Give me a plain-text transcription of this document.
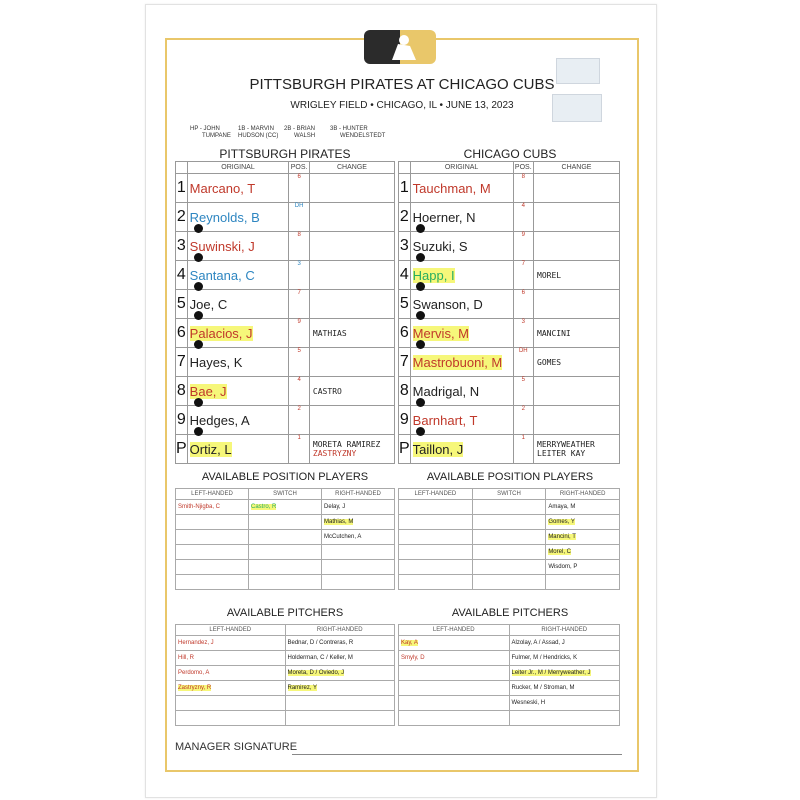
PITTSBURGH PIRATES AT CHICAGO CUBS
WRIGLEY FIELD • CHICAGO, IL • JUNE 13, 2023
HP - JOHN
TUMPANE
1B - MARVIN
HUDSON (CC)
2B - BRIAN
WALSH
3B - HUNTER
WENDELSTEDT
PITTSBURGH PIRATES	CHICAGO CUBS
	ORIGINAL	POS.	CHANGE
1	Marcano, T	6	

2	Reynolds, B	DH	

3	Suwinski, J	8	

4	Santana, C	3	

5	Joe, C	7	

6	Palacios, J	9	MATHIAS

7	Hayes, K	5	

8	Bae, J	4	CASTRO

9	Hedges, A	2	

P	Ortiz, L	1	MORETA RAMIREZ
ZASTRYZNY
	ORIGINAL	POS.	CHANGE
1	Tauchman, M	8	

2	Hoerner, N	4	

3	Suzuki, S	9	

4	Happ, I	7	MOREL

5	Swanson, D	6	

6	Mervis, M	3	MANCINI

7	Mastrobuoni, M	DH	GOMES

8	Madrigal, N	5	

9	Barnhart, T	2	

P	Taillon, J	1	MERRYWEATHER
LEITER KAY
AVAILABLE POSITION PLAYERS	AVAILABLE POSITION PLAYERS
LEFT-HANDED	SWITCH	RIGHT-HANDED
Smith-Njigba, C	Castro, R	Delay, J
		Mathias, M
		McCutchen, A

LEFT-HANDED	SWITCH	RIGHT-HANDED
		Amaya, M
		Gomes, Y
		Mancini, T
		Morel, C
		Wisdom, P

AVAILABLE PITCHERS	AVAILABLE PITCHERS
LEFT-HANDED	RIGHT-HANDED
Hernandez, J	Bednar, D / Contreras, R
Hill, R	Holderman, C / Keller, M
Perdomo, A	Moreta, D / Oviedo, J
Zastryzny, R	Ramirez, Y

LEFT-HANDED	RIGHT-HANDED
Kay, A	Alzolay, A / Assad, J
Smyly, D	Fulmer, M / Hendricks, K
	Leiter Jr., M / Merryweather, J
	Rucker, M / Stroman, M
	Wesneski, H

MANAGER SIGNATURE
